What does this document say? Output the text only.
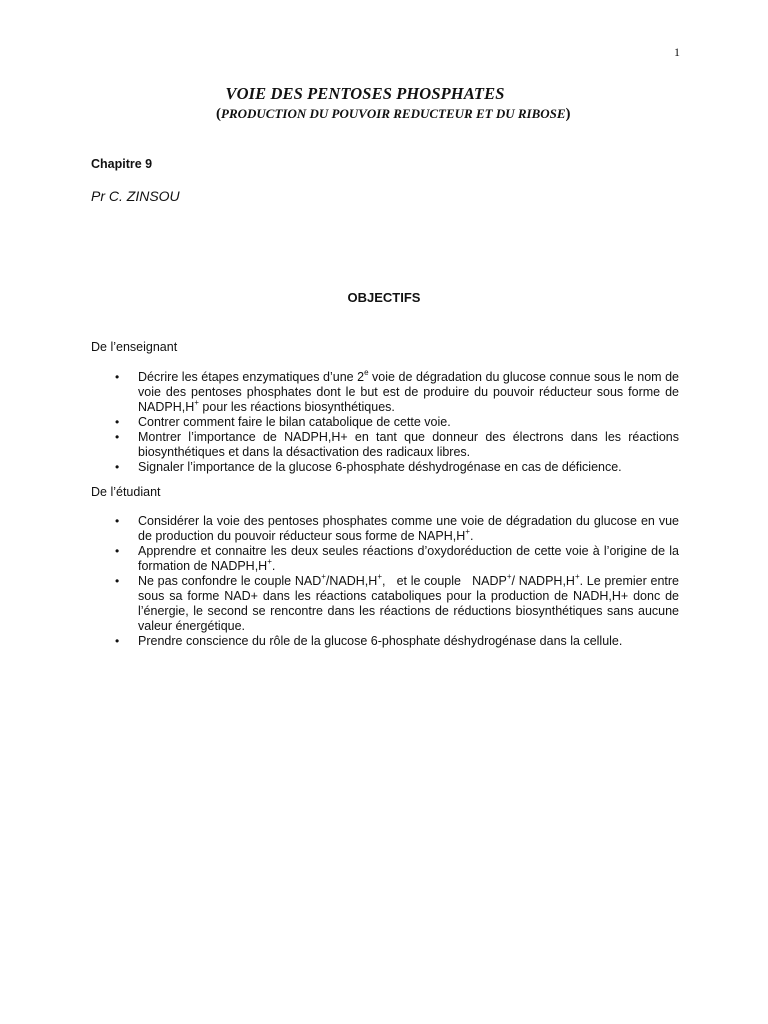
1
VOIE DES PENTOSES PHOSPHATES
(PRODUCTION DU POUVOIR REDUCTEUR ET DU RIBOSE)
Chapitre 9
Pr C. ZINSOU
OBJECTIFS
De l’enseignant
• Décrire les étapes enzymatiques d’une 2e voie de dégradation du glucose connue sous le nom de voie des pentoses phosphates dont le but est de produire du pouvoir réducteur sous forme de NADPH,H+ pour les réactions biosynthétiques.
• Contrer comment faire le bilan catabolique de cette voie.
• Montrer l’importance de NADPH,H+ en tant que donneur des électrons dans les réactions biosynthétiques et dans la désactivation des radicaux libres.
• Signaler l’importance de la glucose 6-phosphate déshydrogénase en cas de déficience.
De l’étudiant
• Considérer la voie des pentoses phosphates comme une voie de dégradation du glucose en vue de production du pouvoir réducteur sous forme de NAPH,H+.
• Apprendre et connaitre les deux seules réactions d’oxydoréduction de cette voie à l’origine de la formation de NADPH,H+.
• Ne pas confondre le couple NAD+/NADH,H+,   et le couple   NADP+/ NADPH,H+. Le premier entre sous sa forme NAD+ dans les réactions cataboliques pour la production de NADH,H+ donc de l’énergie, le second se rencontre dans les réactions de réductions biosynthétiques sans aucune valeur énergétique.
• Prendre conscience du rôle de la glucose 6-phosphate déshydrogénase dans la cellule.
